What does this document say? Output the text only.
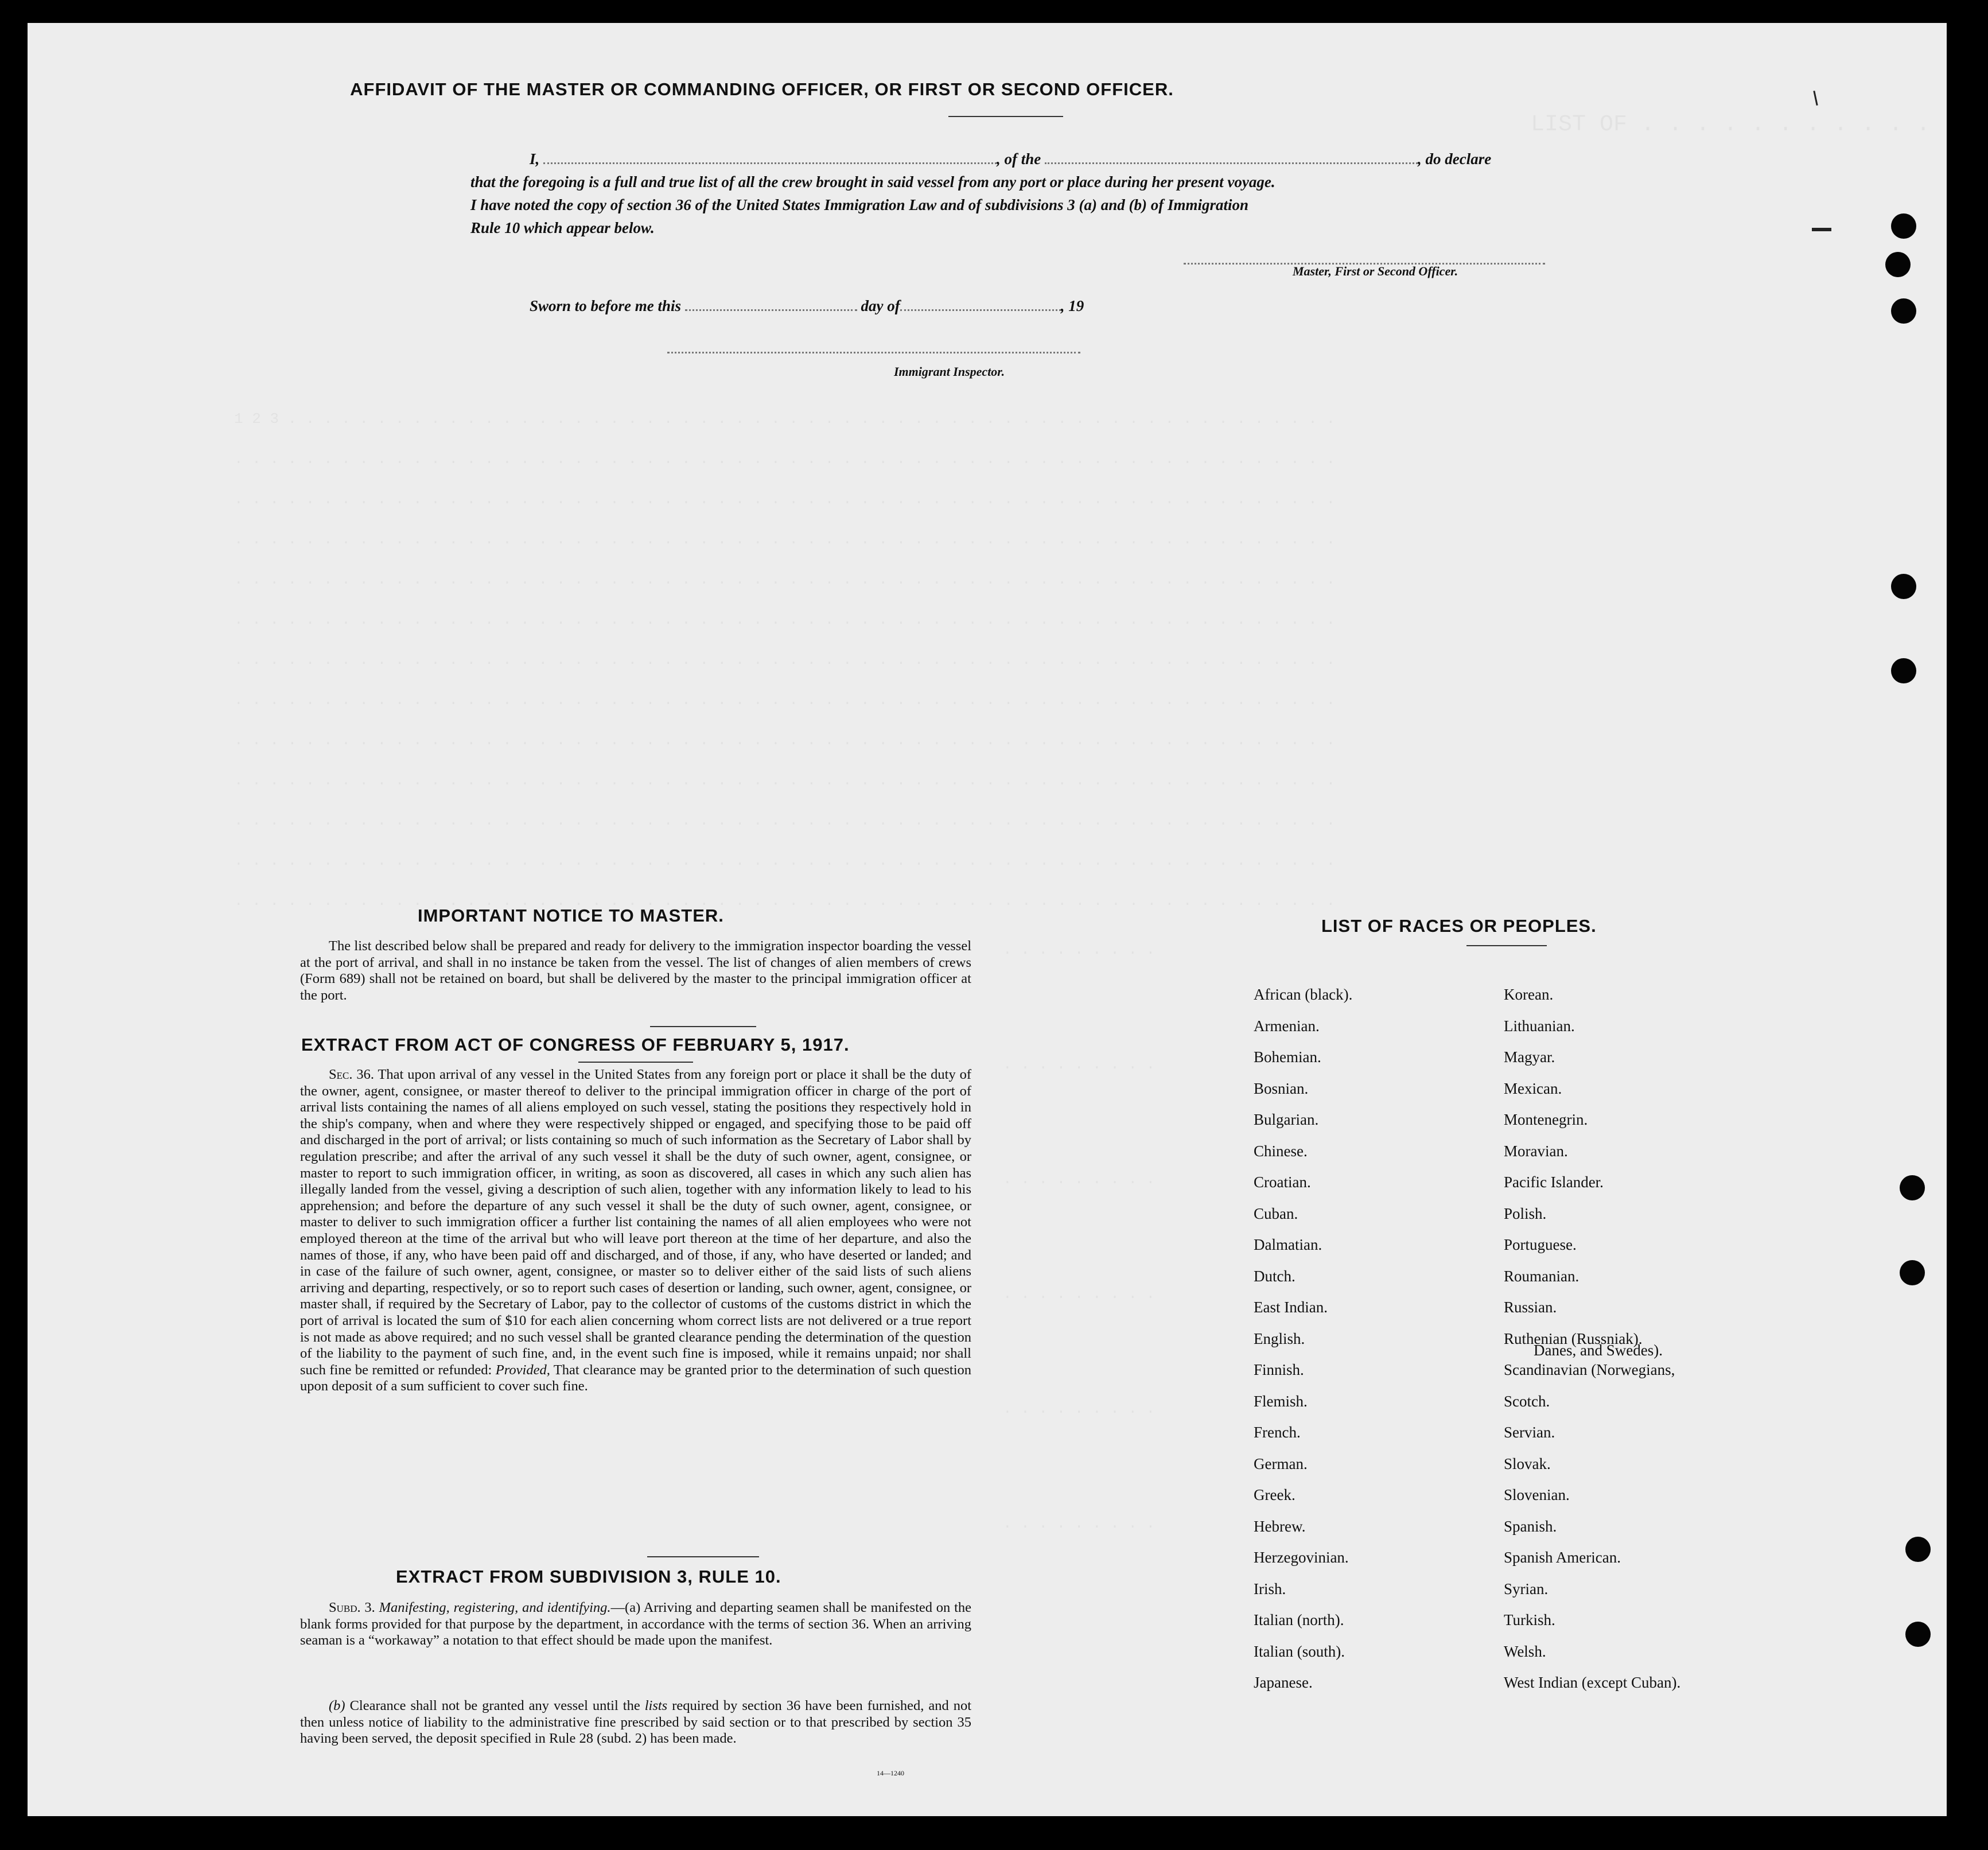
AFFIDAVIT OF THE MASTER OR COMMANDING OFFICER, OR FIRST OR SECOND OFFICER.
I,	, of the	, do declare
that the foregoing is a full and true list of all the crew brought in said vessel from any port or place during her present voyage.
I have noted the copy of section 36 of the United States Immigration Law and of subdivisions 3 (a) and (b) of Immigration
Rule 10 which appear below.
Master, First or Second Officer.
Sworn to before me this	day of	, 19
Immigrant Inspector.
IMPORTANT NOTICE TO MASTER.
The list described below shall be prepared and ready for delivery to the immigration inspector boarding the vessel at the port of arrival, and shall in no instance be taken from the vessel. The list of changes of alien members of crews (Form 689) shall not be retained on board, but shall be delivered by the master to the principal immigration officer at the port.
EXTRACT FROM ACT OF CONGRESS OF FEBRUARY 5, 1917.
Sec. 36. That upon arrival of any vessel in the United States from any foreign port or place it shall be the duty of the owner, agent, consignee, or master thereof to deliver to the principal immigration officer in charge of the port of arrival lists containing the names of all aliens employed on such vessel, stating the positions they respectively hold in the ship's company, when and where they were respectively shipped or engaged, and specifying those to be paid off and discharged in the port of arrival; or lists containing so much of such information as the Secretary of Labor shall by regulation prescribe; and after the arrival of any such vessel it shall be the duty of such owner, agent, consignee, or master to report to such immigration officer, in writing, as soon as discovered, all cases in which any such alien has illegally landed from the vessel, giving a description of such alien, together with any information likely to lead to his apprehension; and before the departure of any such vessel it shall be the duty of such owner, agent, consignee, or master to deliver to such immigration officer a further list containing the names of all alien employees who were not employed thereon at the time of the arrival but who will leave port thereon at the time of her departure, and also the names of those, if any, who have been paid off and discharged, and of those, if any, who have deserted or landed; and in case of the failure of such owner, agent, consignee, or master so to deliver either of the said lists of such aliens arriving and departing, respectively, or so to report such cases of desertion or landing, such owner, agent, consignee, or master shall, if required by the Secretary of Labor, pay to the collector of customs of the customs district in which the port of arrival is located the sum of $10 for each alien concerning whom correct lists are not delivered or a true report is not made as above required; and no such vessel shall be granted clearance pending the determination of the question of the liability to the payment of such fine, and, in the event such fine is imposed, while it remains unpaid; nor shall such fine be remitted or refunded: Provided, That clearance may be granted prior to the determination of such question upon deposit of a sum sufficient to cover such fine.
EXTRACT FROM SUBDIVISION 3, RULE 10.
Subd. 3. Manifesting, registering, and identifying.—(a) Arriving and departing seamen shall be manifested on the blank forms provided for that purpose by the department, in accordance with the terms of section 36. When an arriving seaman is a “workaway” a notation to that effect should be made upon the manifest.
(b) Clearance shall not be granted any vessel until the lists required by section 36 have been furnished, and not then unless notice of liability to the administrative fine prescribed by said section or to that prescribed by section 35 having been served, the deposit specified in Rule 28 (subd. 2) has been made.
14—1240
LIST OF RACES OR PEOPLES.
African (black).
Armenian.
Bohemian.
Bosnian.
Bulgarian.
Chinese.
Croatian.
Cuban.
Dalmatian.
Dutch.
East Indian.
English.
Finnish.
Flemish.
French.
German.
Greek.
Hebrew.
Herzegovinian.
Irish.
Italian (north).
Italian (south).
Japanese.
Korean.
Lithuanian.
Magyar.
Mexican.
Montenegrin.
Moravian.
Pacific Islander.
Polish.
Portuguese.
Roumanian.
Russian.
Ruthenian (Russniak).
Scandinavian (Norwegians,
Scotch.
Servian.
Slovak.
Slovenian.
Spanish.
Spanish American.
Syrian.
Turkish.
Welsh.
West Indian (except Cuban).
Danes, and Swedes).
